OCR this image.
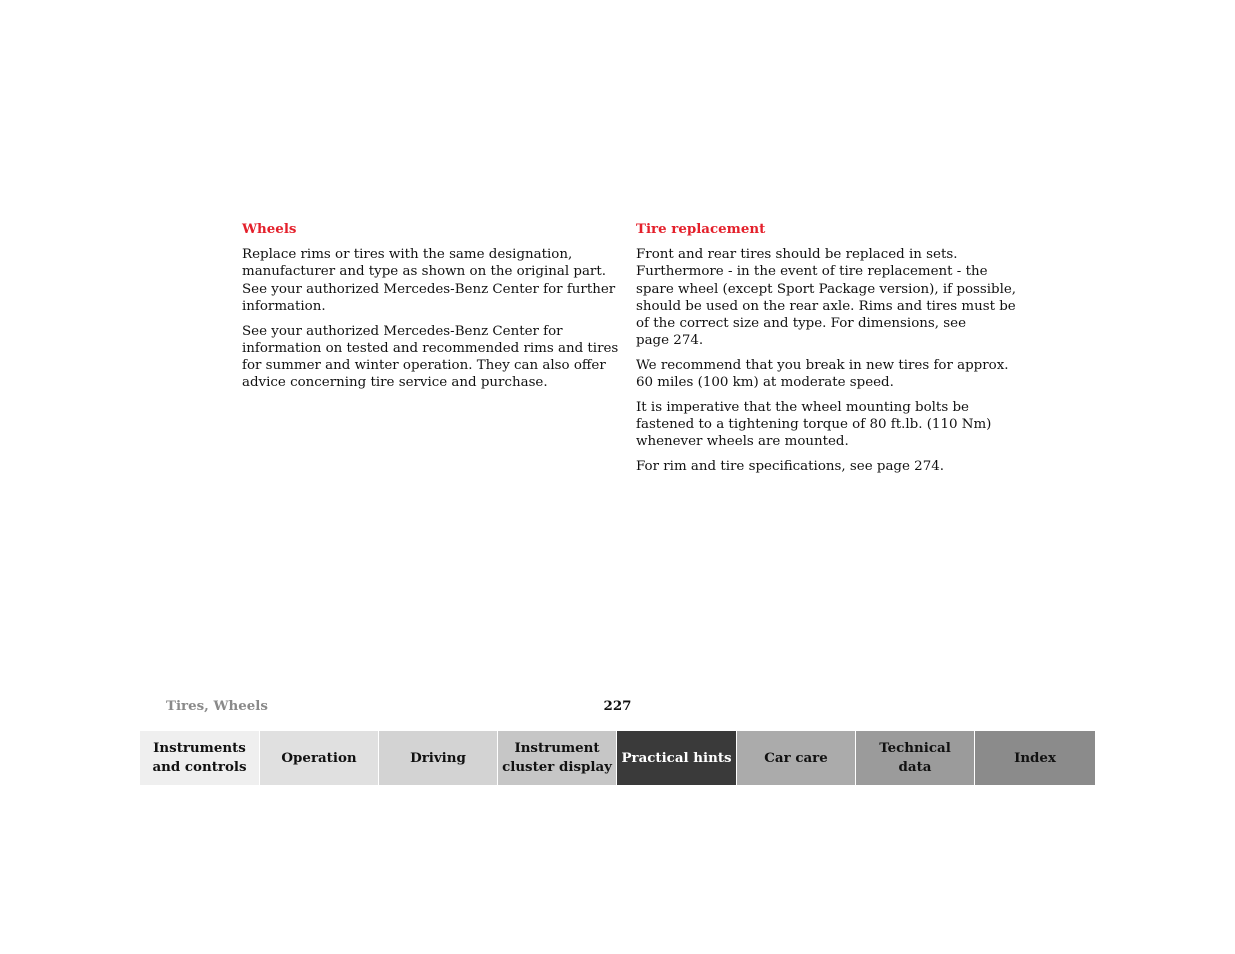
Wheels
Replace rims or tires with the same designation,
manufacturer and type as shown on the original part.
See your authorized Mercedes-Benz Center for further
information.
See your authorized Mercedes-Benz Center for
information on tested and recommended rims and tires
for summer and winter operation. They can also offer
advice concerning tire service and purchase.
Tire replacement
Front and rear tires should be replaced in sets.
Furthermore - in the event of tire replacement - the
spare wheel (except Sport Package version), if possible,
should be used on the rear axle. Rims and tires must be
of the correct size and type. For dimensions, see
page 274.
We recommend that you break in new tires for approx.
60 miles (100 km) at moderate speed.
It is imperative that the wheel mounting bolts be
fastened to a tightening torque of 80 ft.lb. (110 Nm)
whenever wheels are mounted.
For rim and tire specifications, see page 274.
Tires, Wheels	227
Instruments
and controls
Operation	Driving
Instrument
cluster display
Practical hints Car care
Technical
data
Index
